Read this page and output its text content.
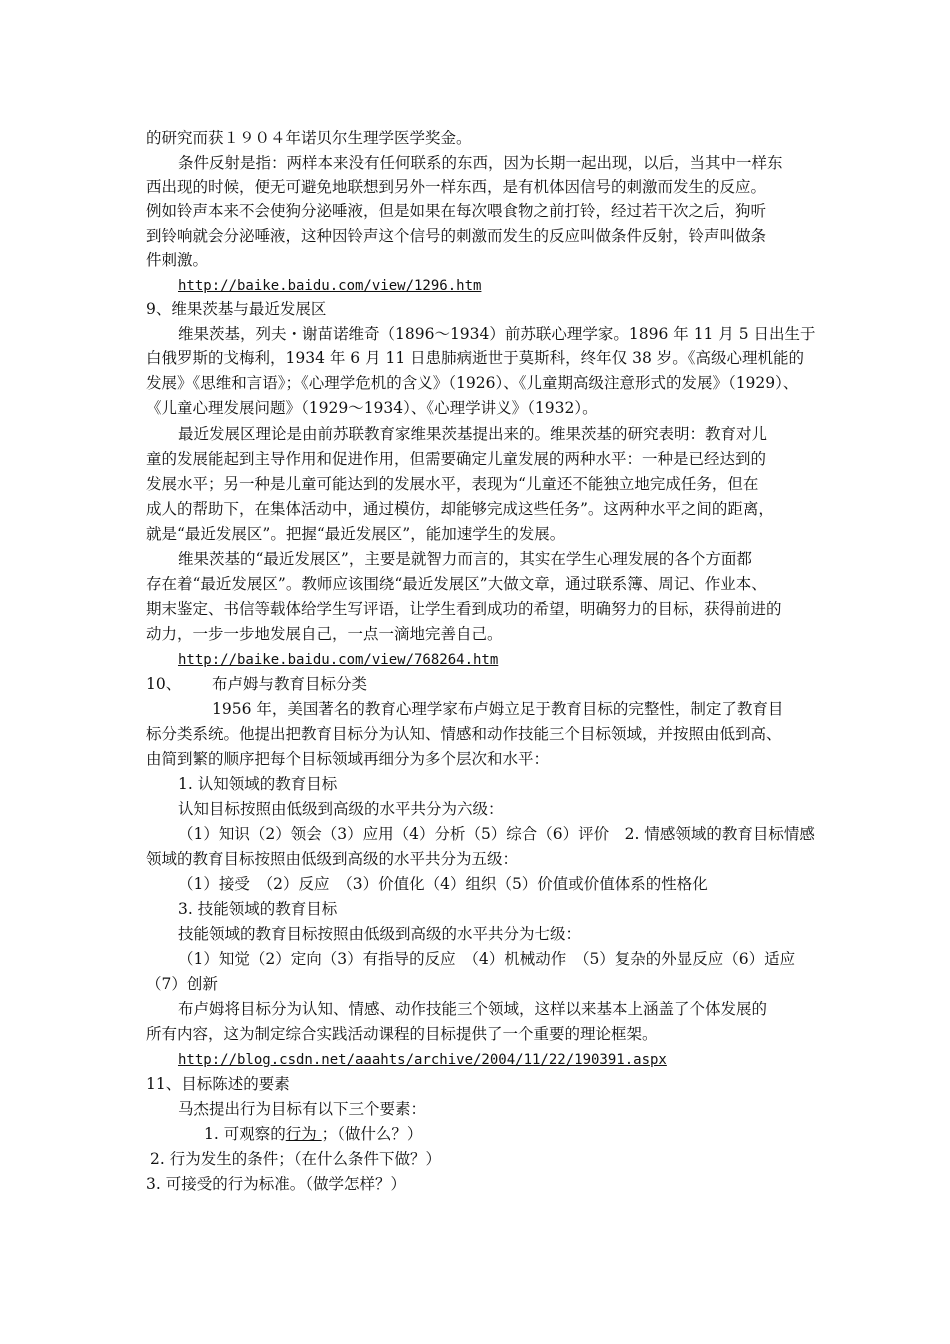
的研究而获１９０４年诺贝尔生理学医学奖金。
条件反射是指：两样本来没有任何联系的东西，因为长期一起出现，以后，当其中一样东
西出现的时候，便无可避免地联想到另外一样东西，是有机体因信号的刺激而发生的反应。
例如铃声本来不会使狗分泌唾液，但是如果在每次喂食物之前打铃，经过若干次之后，狗听
到铃响就会分泌唾液，这种因铃声这个信号的刺激而发生的反应叫做条件反射，铃声叫做条
件刺激。
http://baike.baidu.com/view/1296.htm
9、维果茨基与最近发展区
维果茨基，列夫・谢苗诺维奇（1896～1934）前苏联心理学家。1896 年 11 月 5 日出生于
白俄罗斯的戈梅利，1934 年 6 月 11 日患肺病逝世于莫斯科，终年仅 38 岁。《高级心理机能的
发展》《思维和言语》；《心理学危机的含义》（1926）、《儿童期高级注意形式的发展》（1929）、
《儿童心理发展问题》（1929～1934）、《心理学讲义》（1932）。
最近发展区理论是由前苏联教育家维果茨基提出来的。维果茨基的研究表明：教育对儿
童的发展能起到主导作用和促进作用，但需要确定儿童发展的两种水平：一种是已经达到的
发展水平；另一种是儿童可能达到的发展水平，表现为“儿童还不能独立地完成任务，但在
成人的帮助下，在集体活动中，通过模仿，却能够完成这些任务”。这两种水平之间的距离，
就是“最近发展区”。把握“最近发展区”，能加速学生的发展。
维果茨基的“最近发展区”，主要是就智力而言的，其实在学生心理发展的各个方面都
存在着“最近发展区”。教师应该围绕“最近发展区”大做文章，通过联系簿、周记、作业本、
期末鉴定、书信等载体给学生写评语，让学生看到成功的希望，明确努力的目标，获得前进的
动力，一步一步地发展自己，一点一滴地完善自己。
http://baike.baidu.com/view/768264.htm
10、 布卢姆与教育目标分类
1956 年，美国著名的教育心理学家布卢姆立足于教育目标的完整性，制定了教育目
标分类系统。他提出把教育目标分为认知、情感和动作技能三个目标领域，并按照由低到高、
由简到繁的顺序把每个目标领域再细分为多个层次和水平：
1. 认知领域的教育目标
认知目标按照由低级到高级的水平共分为六级：
（1）知识（2）领会（3）应用（4）分析（5）综合（6）评价　2. 情感领域的教育目标情感
领域的教育目标按照由低级到高级的水平共分为五级：
（1）接受　（2）反应　（3）价值化（4）组织（5）价值或价值体系的性格化
3. 技能领域的教育目标
技能领域的教育目标按照由低级到高级的水平共分为七级：
（1）知觉（2）定向（3）有指导的反应　（4）机械动作　（5）复杂的外显反应（6）适应
（7）创新
布卢姆将目标分为认知、情感、动作技能三个领域，这样以来基本上涵盖了个体发展的
所有内容，这为制定综合实践活动课程的目标提供了一个重要的理论框架。
http://blog.csdn.net/aaahts/archive/2004/11/22/190391.aspx
11、目标陈述的要素
马杰提出行为目标有以下三个要素：
1. 可观察的行为 ；（做什么？）
2. 行为发生的条件；（在什么条件下做？）
3. 可接受的行为标准。（做学怎样？）
